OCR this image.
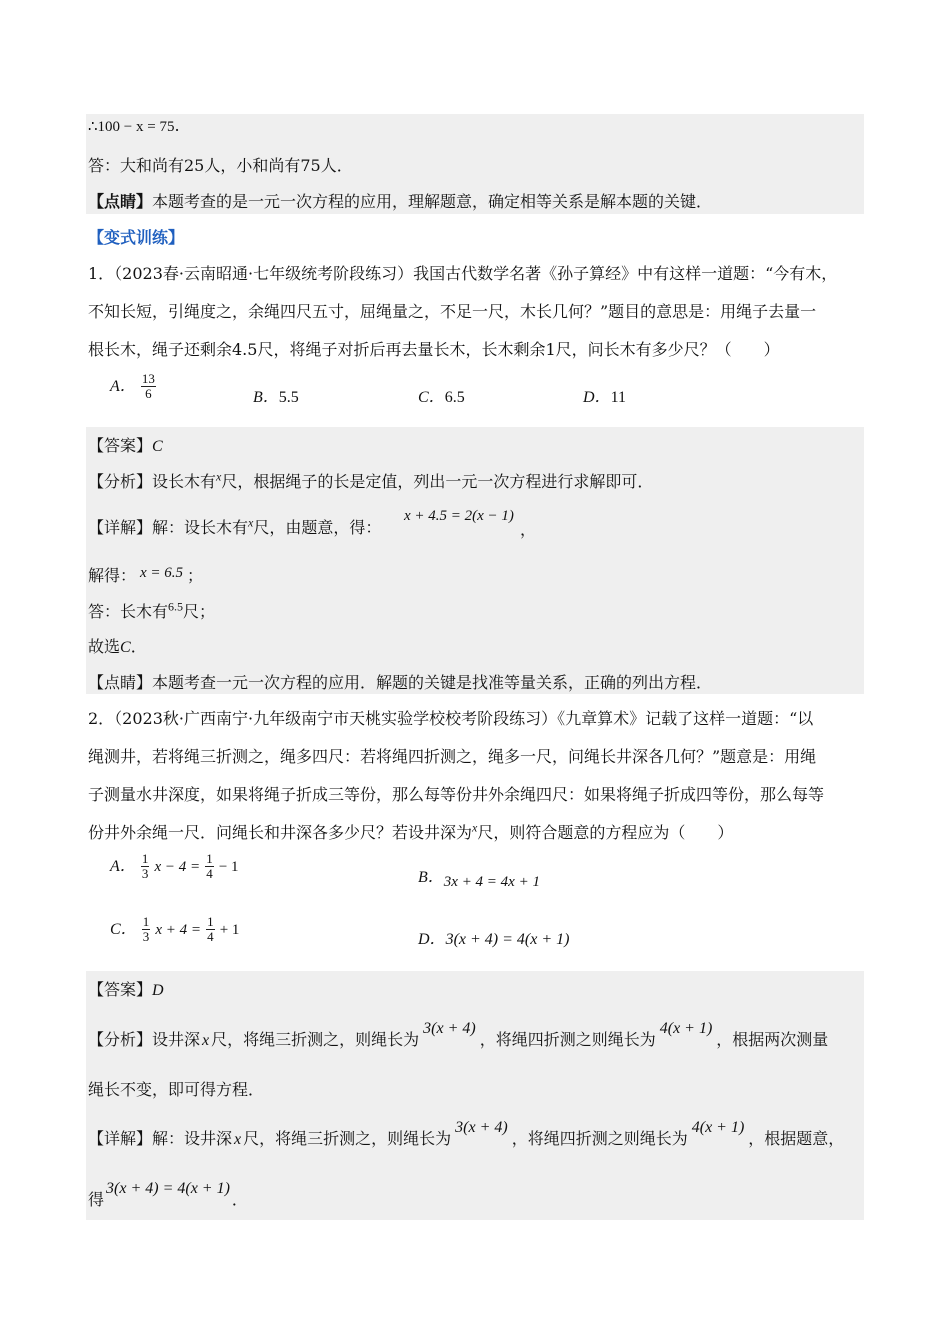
∴100 − x = 75.
答：大和尚有25人，小和尚有75人．
【点睛】本题考查的是一元一次方程的应用，理解题意，确定相等关系是解本题的关键．
【变式训练】
1．（2023春·云南昭通·七年级统考阶段练习）我国古代数学名著《孙子算经》中有这样一道题：“今有木，
不知长短，引绳度之，余绳四尺五寸，屈绳量之，不足一尺，木长几何？”题目的意思是：用绳子去量一
根长木，绳子还剩余4.5尺，将绳子对折后再去量长木，长木剩余1尺，问长木有多少尺？（　　）
A． $\frac{13}{6}$	B．5.5	C．6.5	D．11
【答案】C
【分析】设长木有$^x$尺，根据绳子的长是定值，列出一元一次方程进行求解即可．
【详解】解：设长木有$^x$尺，由题意，得：
x + 4.5 = 2(x − 1)
，
解得： x = 6.5 ；
答：长木有$^{6.5}$尺；
故选C．
【点睛】本题考查一元一次方程的应用．解题的关键是找准等量关系，正确的列出方程．
2．（2023秋·广西南宁·九年级南宁市天桃实验学校校考阶段练习）《九章算术》记载了这样一道题：“以
绳测井，若将绳三折测之，绳多四尺：若将绳四折测之，绳多一尺，问绳长井深各几何？”题意是：用绳
子测量水井深度，如果将绳子折成三等份，那么每等份井外余绳四尺：如果将绳子折成四等份，那么每等
份井外余绳一尺．问绳长和井深各多少尺？若设井深为$^x$尺，则符合题意的方程应为（　　）
A． $\frac{1}{3}$ $x - 4 = \frac{1}{4} - 1$
B．3x + 4 = 4x + 1
C． $\frac{1}{3}$ $x + 4 = \frac{1}{4} + 1$
D．3(x + 4) = 4(x + 1)
【答案】D
【分析】设井深 x 尺，将绳三折测之，则绳长为3(x + 4)，将绳四折测之则绳长为4(x + 1)，根据两次测量
绳长不变，即可得方程．
【详解】解：设井深 x 尺，将绳三折测之，则绳长为3(x + 4)，将绳四折测之则绳长为4(x + 1)，根据题意，
得3(x + 4) = 4(x + 1)．
